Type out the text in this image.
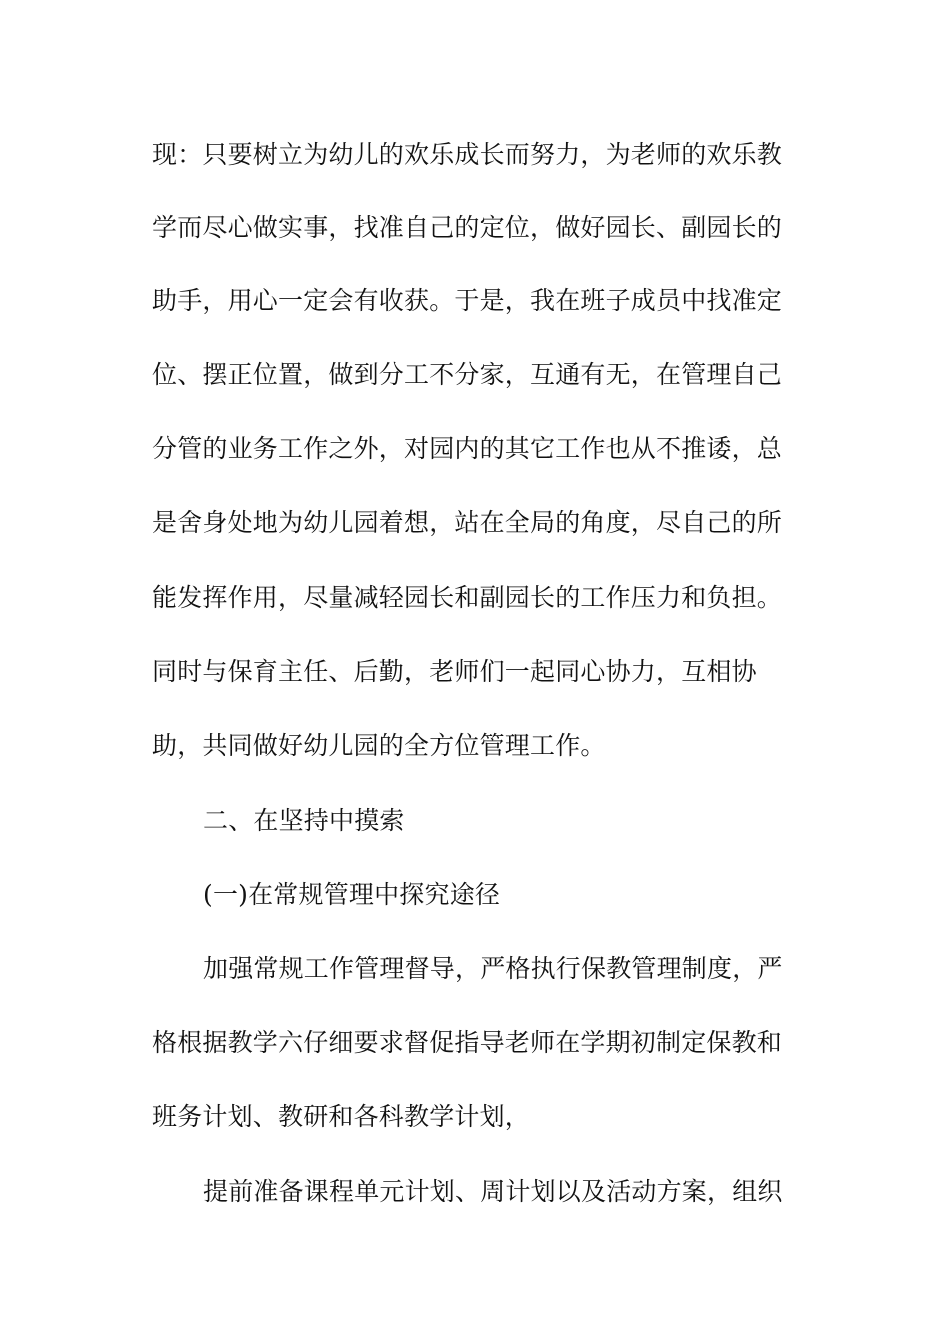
现：只要树立为幼儿的欢乐成长而努力，为老师的欢乐教
学而尽心做实事，找准自己的定位，做好园长、副园长的
助手，用心一定会有收获。于是，我在班子成员中找准定
位、摆正位置，做到分工不分家，互通有无，在管理自己
分管的业务工作之外，对园内的其它工作也从不推诿，总
是舍身处地为幼儿园着想，站在全局的角度，尽自己的所
能发挥作用，尽量减轻园长和副园长的工作压力和负担。
同时与保育主任、后勤，老师们一起同心协力，互相协
助，共同做好幼儿园的全方位管理工作。
二、在坚持中摸索
(一)在常规管理中探究途径
加强常规工作管理督导，严格执行保教管理制度，严
格根据教学六仔细要求督促指导老师在学期初制定保教和
班务计划、教研和各科教学计划，
提前准备课程单元计划、周计划以及活动方案，组织
